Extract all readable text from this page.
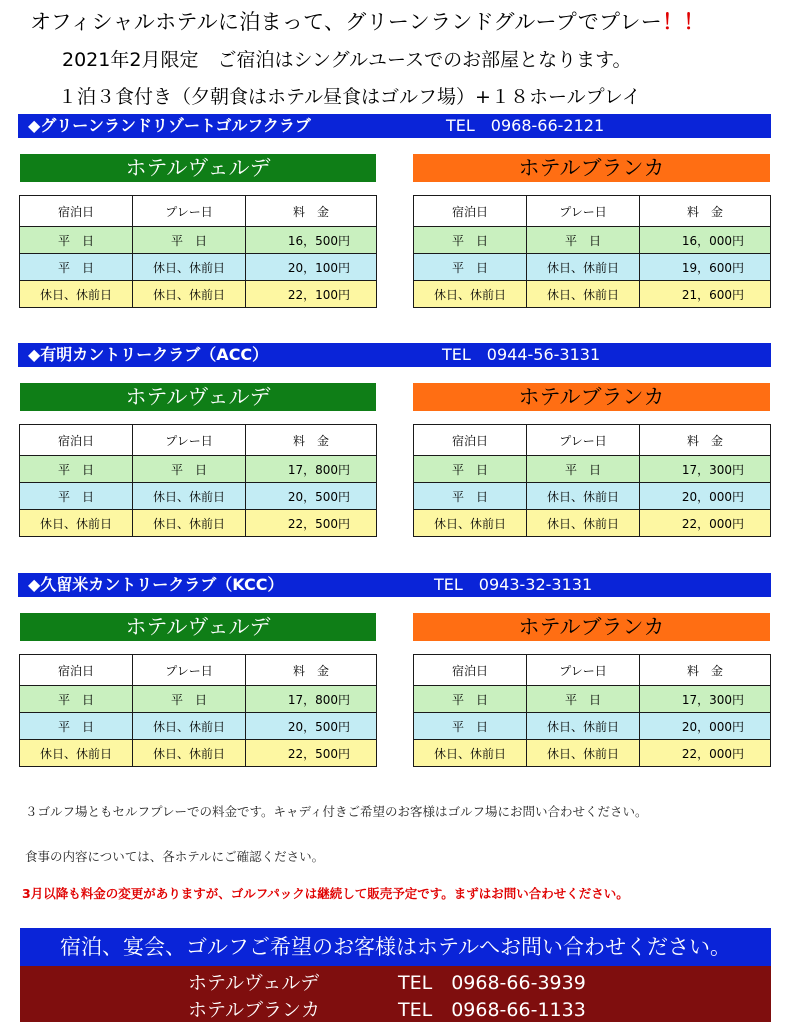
オフィシャルホテルに泊まって、グリーンランドグループでプレー！！
2021年2月限定　ご宿泊はシングルユースでのお部屋となります。
１泊３食付き（夕朝食はホテル昼食はゴルフ場）+１８ホールプレイ
◆グリーンランドリゾートゴルフクラブ	TEL　0968-66-2121
ホテルヴェルデ	ホテルブランカ
宿泊日	プレー日	料　金
平　日	平　日	16，500円
平　日	休日、休前日	20，100円
休日、休前日	休日、休前日	22，100円
宿泊日	プレー日	料　金
平　日	平　日	16，000円
平　日	休日、休前日	19，600円
休日、休前日	休日、休前日	21，600円
◆有明カントリークラブ（ACC）	TEL　0944-56-3131
ホテルヴェルデ	ホテルブランカ
宿泊日	プレー日	料　金
平　日	平　日	17，800円
平　日	休日、休前日	20，500円
休日、休前日	休日、休前日	22，500円
宿泊日	プレー日	料　金
平　日	平　日	17，300円
平　日	休日、休前日	20，000円
休日、休前日	休日、休前日	22，000円
◆久留米カントリークラブ（KCC）	TEL　0943-32-3131
ホテルヴェルデ	ホテルブランカ
宿泊日	プレー日	料　金
平　日	平　日	17，800円
平　日	休日、休前日	20，500円
休日、休前日	休日、休前日	22，500円
宿泊日	プレー日	料　金
平　日	平　日	17，300円
平　日	休日、休前日	20，000円
休日、休前日	休日、休前日	22，000円
３ゴルフ場ともセルフプレーでの料金です。キャディ付きご希望のお客様はゴルフ場にお問い合わせください。
食事の内容については、各ホテルにご確認ください。
3月以降も料金の変更がありますが、ゴルフパックは継続して販売予定です。まずはお問い合わせください。
宿泊、宴会、ゴルフご希望のお客様はホテルへお問い合わせください。
ホテルヴェルデ	TEL　0968-66-3939
ホテルブランカ	TEL　0968-66-1133
